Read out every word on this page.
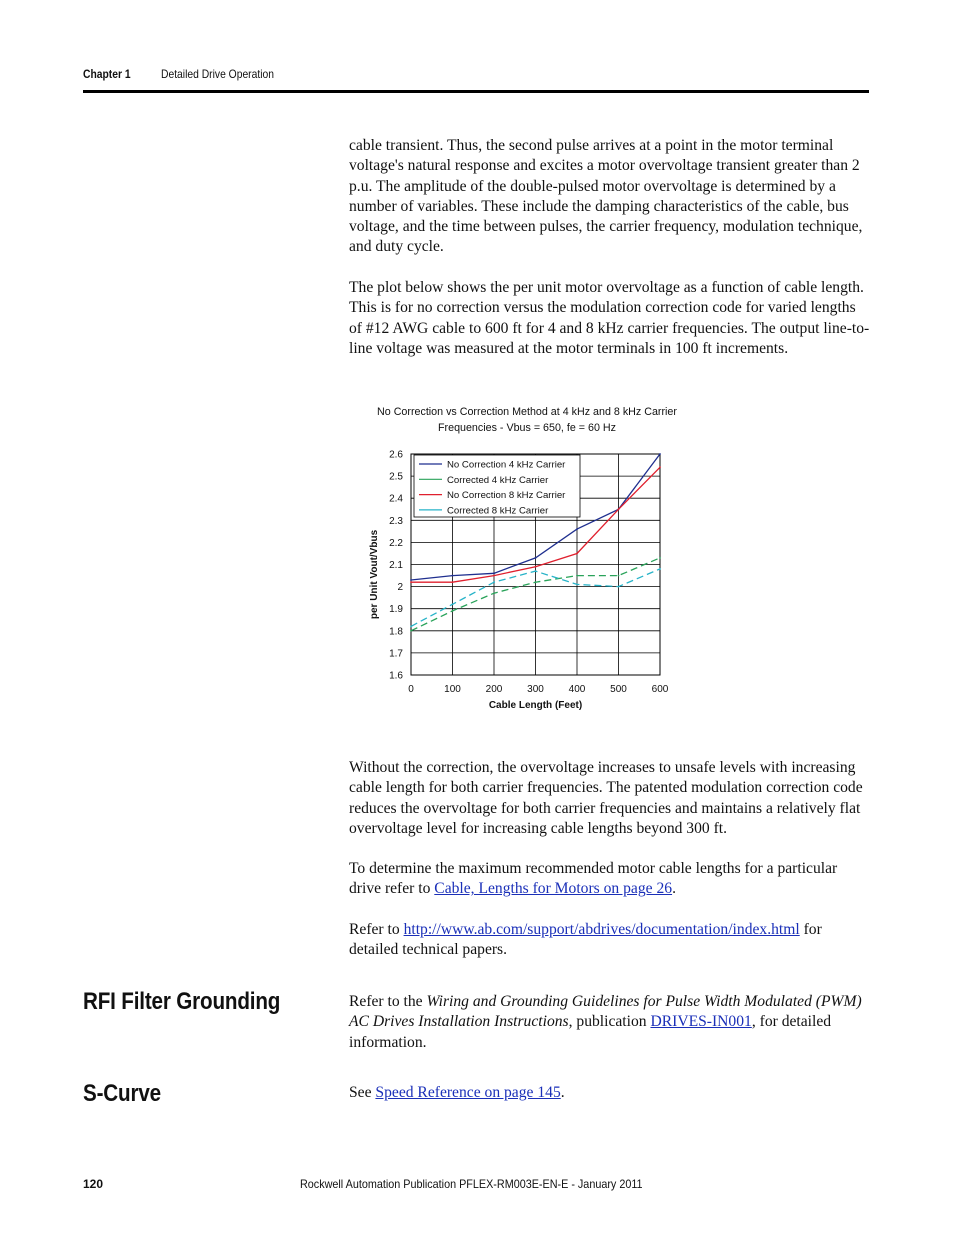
Chapter 1	Detailed Drive Operation

cable transient. Thus, the second pulse arrives at a point in the motor terminal voltage's natural response and excites a motor overvoltage transient greater than 2 p.u. The amplitude of the double-pulsed motor overvoltage is determined by a number of variables. These include the damping characteristics of the cable, bus voltage, and the time between pulses, the carrier frequency, modulation technique, and duty cycle.

The plot below shows the per unit motor overvoltage as a function of cable length. This is for no correction versus the modulation correction code for varied lengths of #12 AWG cable to 600 ft for 4 and 8 kHz carrier frequencies. The output line-to-line voltage was measured at the motor terminals in 100 ft increments.

No Correction vs Correction Method at 4 kHz and 8 kHz Carrier
Frequencies - Vbus = 650, fe = 60 Hz
2.6
2.5
2.4
2.3
2.2
2.1
2
1.9
1.8
1.7
1.6
0	100 200 300 400 500 600
Cable Length (Feet)
per Unit Vout/Vbus
No Correction 4 kHz Carrier
Corrected 4 kHz Carrier
No Correction 8 kHz Carrier
Corrected 8 kHz Carrier

Without the correction, the overvoltage increases to unsafe levels with increasing cable length for both carrier frequencies. The patented modulation correction code reduces the overvoltage for both carrier frequencies and maintains a relatively flat overvoltage level for increasing cable lengths beyond 300 ft.

To determine the maximum recommended motor cable lengths for a particular drive refer to Cable, Lengths for Motors on page 26.

Refer to http://www.ab.com/support/abdrives/documentation/index.html for detailed technical papers.

RFI Filter Grounding	Refer to the Wiring and Grounding Guidelines for Pulse Width Modulated (PWM) AC Drives Installation Instructions, publication DRIVES-IN001, for detailed information.

S-Curve	See Speed Reference on page 145.

120	Rockwell Automation Publication PFLEX-RM003E-EN-E - January 2011
